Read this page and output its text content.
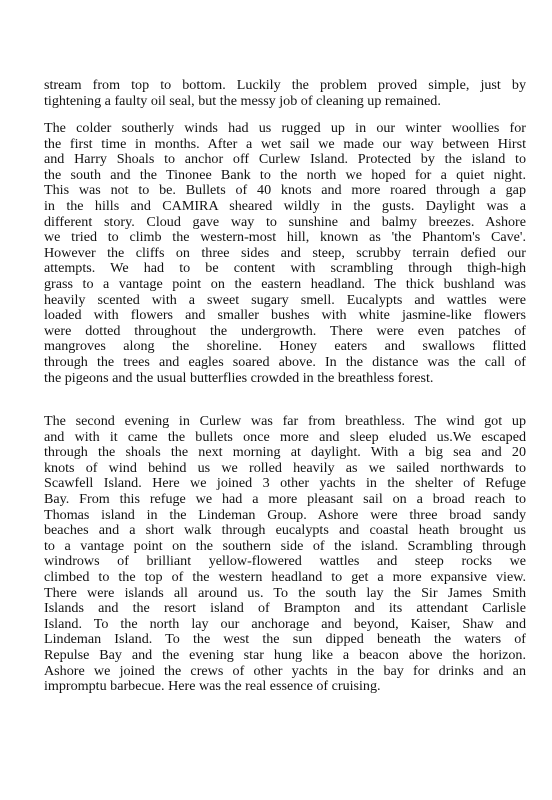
stream from top to bottom. Luckily the problem proved simple, just by
tightening a faulty oil seal, but the messy job of cleaning up remained.

The colder southerly winds had us rugged up in our winter woollies for
the first time in months. After a wet sail we made our way between Hirst
and Harry Shoals to anchor off Curlew Island. Protected by the island to
the south and the Tinonee Bank to the north we hoped for a quiet night.
This was not to be. Bullets of 40 knots and more roared through a gap
in the hills and CAMIRA sheared wildly in the gusts. Daylight was a
different story. Cloud gave way to sunshine and balmy breezes. Ashore
we tried to climb the western-most hill, known as 'the Phantom's Cave'.
However the cliffs on three sides and steep, scrubby terrain defied our
attempts. We had to be content with scrambling through thigh-high
grass to a vantage point on the eastern headland. The thick bushland was
heavily scented with a sweet sugary smell. Eucalypts and wattles were
loaded with flowers and smaller bushes with white jasmine-like flowers
were dotted throughout the undergrowth. There were even patches of
mangroves along the shoreline. Honey eaters and swallows flitted
through the trees and eagles soared above. In the distance was the call of
the pigeons and the usual butterflies crowded in the breathless forest.

The second evening in Curlew was far from breathless. The wind got up
and with it came the bullets once more and sleep eluded us.We escaped
through the shoals the next morning at daylight. With a big sea and 20
knots of wind behind us we rolled heavily as we sailed northwards to
Scawfell Island. Here we joined 3 other yachts in the shelter of Refuge
Bay. From this refuge we had a more pleasant sail on a broad reach to
Thomas island in the Lindeman Group. Ashore were three broad sandy
beaches and a short walk through eucalypts and coastal heath brought us
to a vantage point on the southern side of the island. Scrambling through
windrows of brilliant yellow-flowered wattles and steep rocks we
climbed to the top of the western headland to get a more expansive view.
There were islands all around us. To the south lay the Sir James Smith
Islands and the resort island of Brampton and its attendant Carlisle
Island. To the north lay our anchorage and beyond, Kaiser, Shaw and
Lindeman Island. To the west the sun dipped beneath the waters of
Repulse Bay and the evening star hung like a beacon above the horizon.
Ashore we joined the crews of other yachts in the bay for drinks and an
impromptu barbecue. Here was the real essence of cruising.
